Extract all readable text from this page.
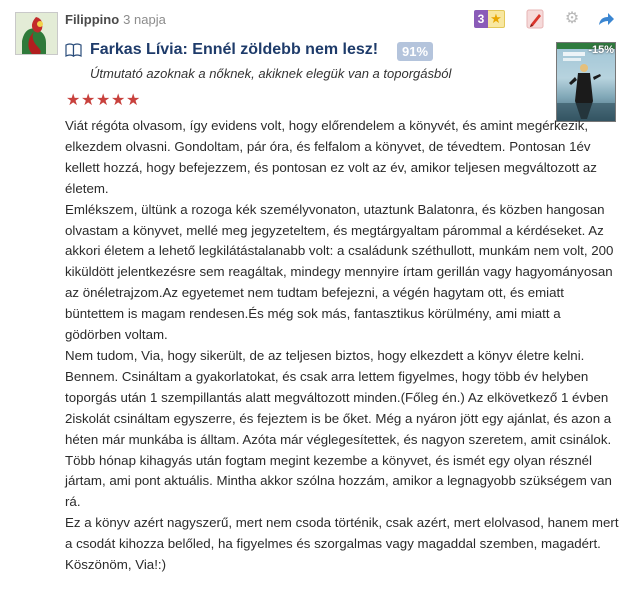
Filippino 3 napja	3 ★	⚙
Farkas Lívia: Ennél zöldebb nem lesz!	91%
Útmutató azoknak a nőknek, akiknek elegük van a toporgásból
★★★★★
-15%

Viát régóta olvasom, így evidens volt, hogy előrendelem a könyvét, és amint megérkezik, elkezdem olvasni. Gondoltam, pár óra, és felfalom a könyvet, de tévedtem. Pontosan 1év kellett hozzá, hogy befejezzem, és pontosan ez volt az év, amikor teljesen megváltozott az életem.

Emlékszem, ültünk a rozoga kék személyvonaton, utaztunk Balatonra, és közben hangosan olvastam a könyvet, mellé meg jegyzeteltem, és megtárgyaltam párommal a kérdéseket. Az akkori életem a lehető legkilátástalanabb volt: a családunk széthullott, munkám nem volt, 200 kiküldött jelentkezésre sem reagáltak, mindegy mennyire írtam gerillán vagy hagyományosan az önéletrajzom.Az egyetemet nem tudtam befejezni, a végén hagytam ott, és emiatt büntettem is magam rendesen.És még sok más, fantasztikus körülmény, ami miatt a gödörben voltam.

Nem tudom, Via, hogy sikerült, de az teljesen biztos, hogy elkezdett a könyv életre kelni. Bennem. Csináltam a gyakorlatokat, és csak arra lettem figyelmes, hogy több év helyben toporgás után 1 szempillantás alatt megváltozott minden.(Főleg én.) Az elkövetkező 1 évben 2iskolát csináltam egyszerre, és fejeztem is be őket. Még a nyáron jött egy ajánlat, és azon a héten már munkába is álltam. Azóta már véglegesítettek, és nagyon szeretem, amit csinálok.

Több hónap kihagyás után fogtam megint kezembe a könyvet, és ismét egy olyan résznél jártam, ami pont aktuális. Mintha akkor szólna hozzám, amikor a legnagyobb szükségem van rá.

Ez a könyv azért nagyszerű, mert nem csoda történik, csak azért, mert elolvasod, hanem mert a csodát kihozza belőled, ha figyelmes és szorgalmas vagy magaddal szemben, magadért. Köszönöm, Via!:)
